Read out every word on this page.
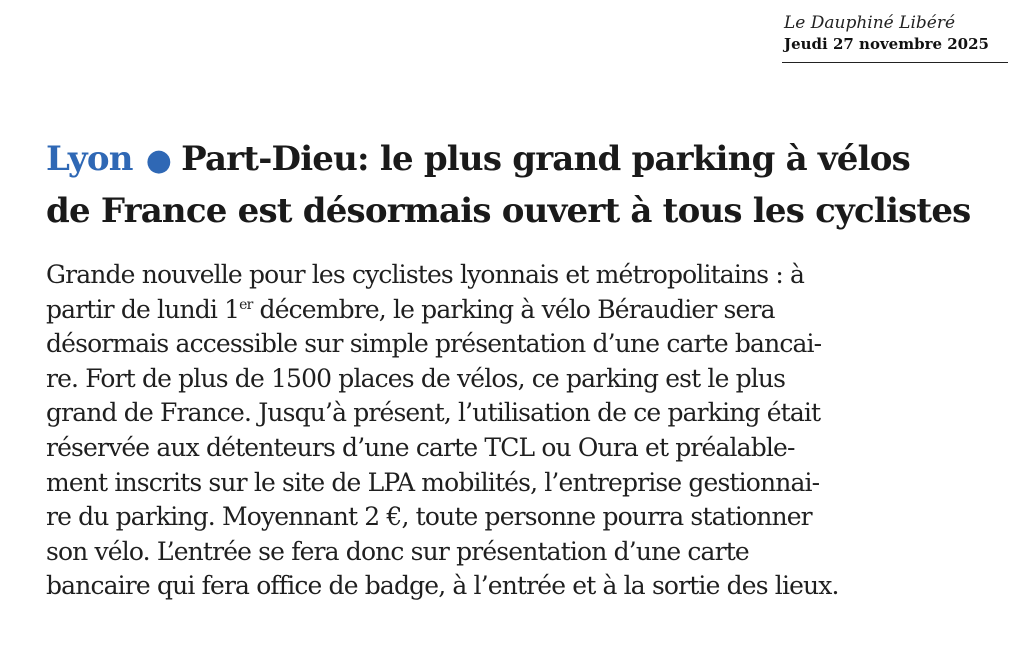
Le Dauphiné Libéré
Jeudi 27 novembre 2025
Lyon ● Part-Dieu: le plus grand parking à vélos
de France est désormais ouvert à tous les cyclistes
Grande nouvelle pour les cyclistes lyonnais et métropolitains : à
partir de lundi 1er décembre, le parking à vélo Béraudier sera
désormais accessible sur simple présentation d’une carte bancai-
re. Fort de plus de 1500 places de vélos, ce parking est le plus
grand de France. Jusqu’à présent, l’utilisation de ce parking était
réservée aux détenteurs d’une carte TCL ou Oura et préalable-
ment inscrits sur le site de LPA mobilités, l’entreprise gestionnai-
re du parking. Moyennant 2 €, toute personne pourra stationner
son vélo. L’entrée se fera donc sur présentation d’une carte
bancaire qui fera office de badge, à l’entrée et à la sortie des lieux.
